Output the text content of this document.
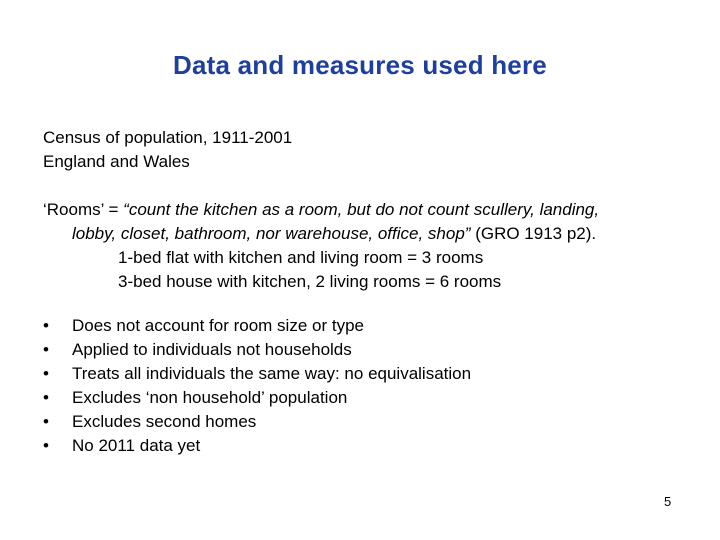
Data and measures used here
Census of population, 1911-2001
England and Wales
‘Rooms’ = “count the kitchen as a room, but do not count scullery, landing,
lobby, closet, bathroom, nor warehouse, office, shop” (GRO 1913 p2).
1-bed flat with kitchen and living room = 3 rooms
3-bed house with kitchen, 2 living rooms = 6 rooms
• Does not account for room size or type
• Applied to individuals not households
• Treats all individuals the same way: no equivalisation
• Excludes ‘non household’ population
• Excludes second homes
• No 2011 data yet
5
